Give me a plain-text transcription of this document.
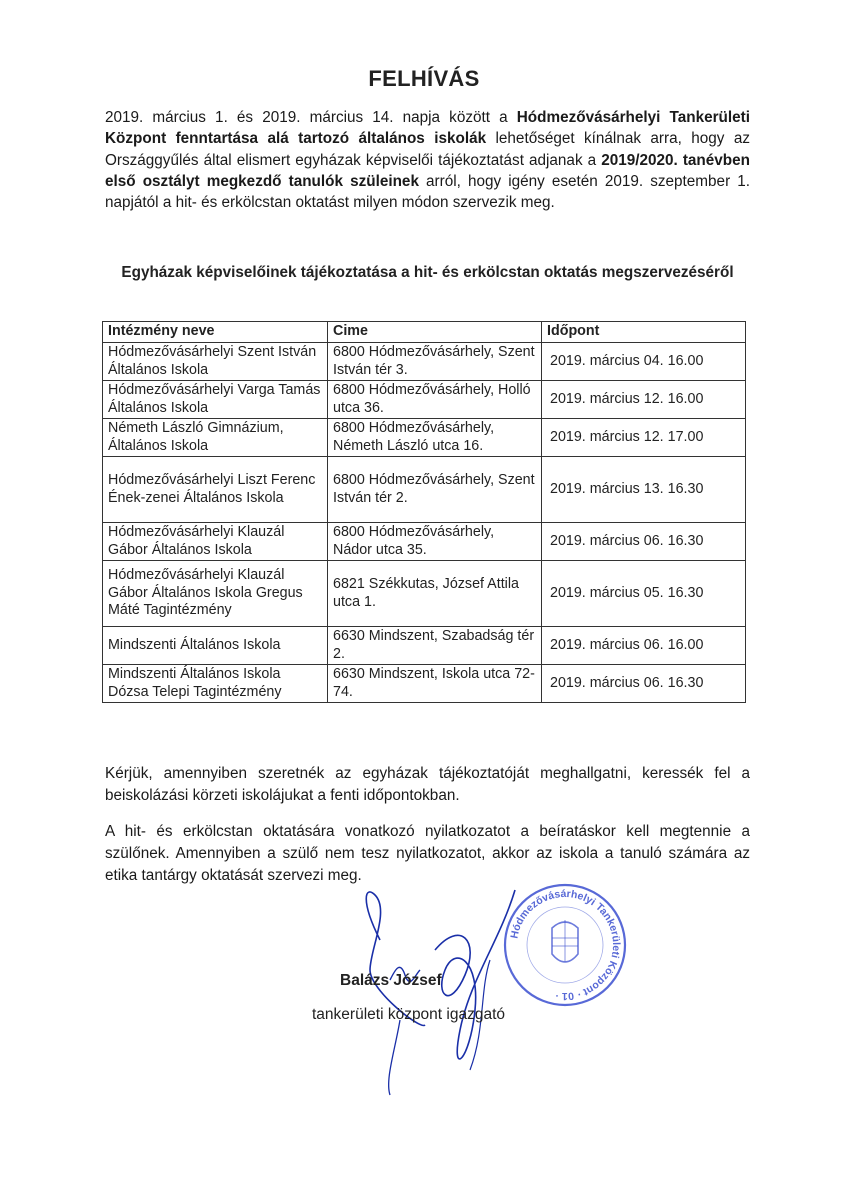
FELHÍVÁS
2019. március 1. és 2019. március 14. napja között a Hódmezővásárhelyi Tankerületi Központ fenntartása alá tartozó általános iskolák lehetőséget kínálnak arra, hogy az Országgyűlés által elismert egyházak képviselői tájékoztatást adjanak a 2019/2020. tanévben első osztályt megkezdő tanulók szüleinek arról, hogy igény esetén 2019. szeptember 1. napjától a hit- és erkölcstan oktatást milyen módon szervezik meg.
Egyházak képviselőinek tájékoztatása a hit- és erkölcstan oktatás megszervezéséről
Intézmény neve	Cime	Időpont
Hódmezővásárhelyi Szent István Általános Iskola	6800 Hódmezővásárhely, Szent István tér 3.	2019. március 04. 16.00
Hódmezővásárhelyi Varga Tamás Általános Iskola	6800 Hódmezővásárhely, Holló utca 36.	2019. március 12. 16.00
Németh László Gimnázium, Általános Iskola	6800 Hódmezővásárhely, Németh László utca 16.	2019. március 12. 17.00
Hódmezővásárhelyi Liszt Ferenc Ének-zenei Általános Iskola	6800 Hódmezővásárhely, Szent István tér 2.	2019. március 13. 16.30
Hódmezővásárhelyi Klauzál Gábor Általános Iskola	6800 Hódmezővásárhely, Nádor utca 35.	2019. március 06. 16.30
Hódmezővásárhelyi Klauzál Gábor Általános Iskola Gregus Máté Tagintézmény	6821 Székkutas, József Attila utca 1.	2019. március 05. 16.30
Mindszenti Általános Iskola	6630 Mindszent, Szabadság tér 2.	2019. március 06. 16.00
Mindszenti Általános Iskola Dózsa Telepi Tagintézmény	6630 Mindszent, Iskola utca 72-74.	2019. március 06. 16.30
Kérjük, amennyiben szeretnék az egyházak tájékoztatóját meghallgatni, keressék fel a beiskolázási körzeti iskolájukat a fenti időpontokban.
A hit- és erkölcstan oktatására vonatkozó nyilatkozatot a beíratáskor kell megtennie a szülőnek. Amennyiben a szülő nem tesz nyilatkozatot, akkor az iskola a tanuló számára az etika tantárgy oktatását szervezi meg.
Hódmezővásárhelyi Tankerületi Központ · 01 ·
Balázs József
tankerületi központ igazgató
